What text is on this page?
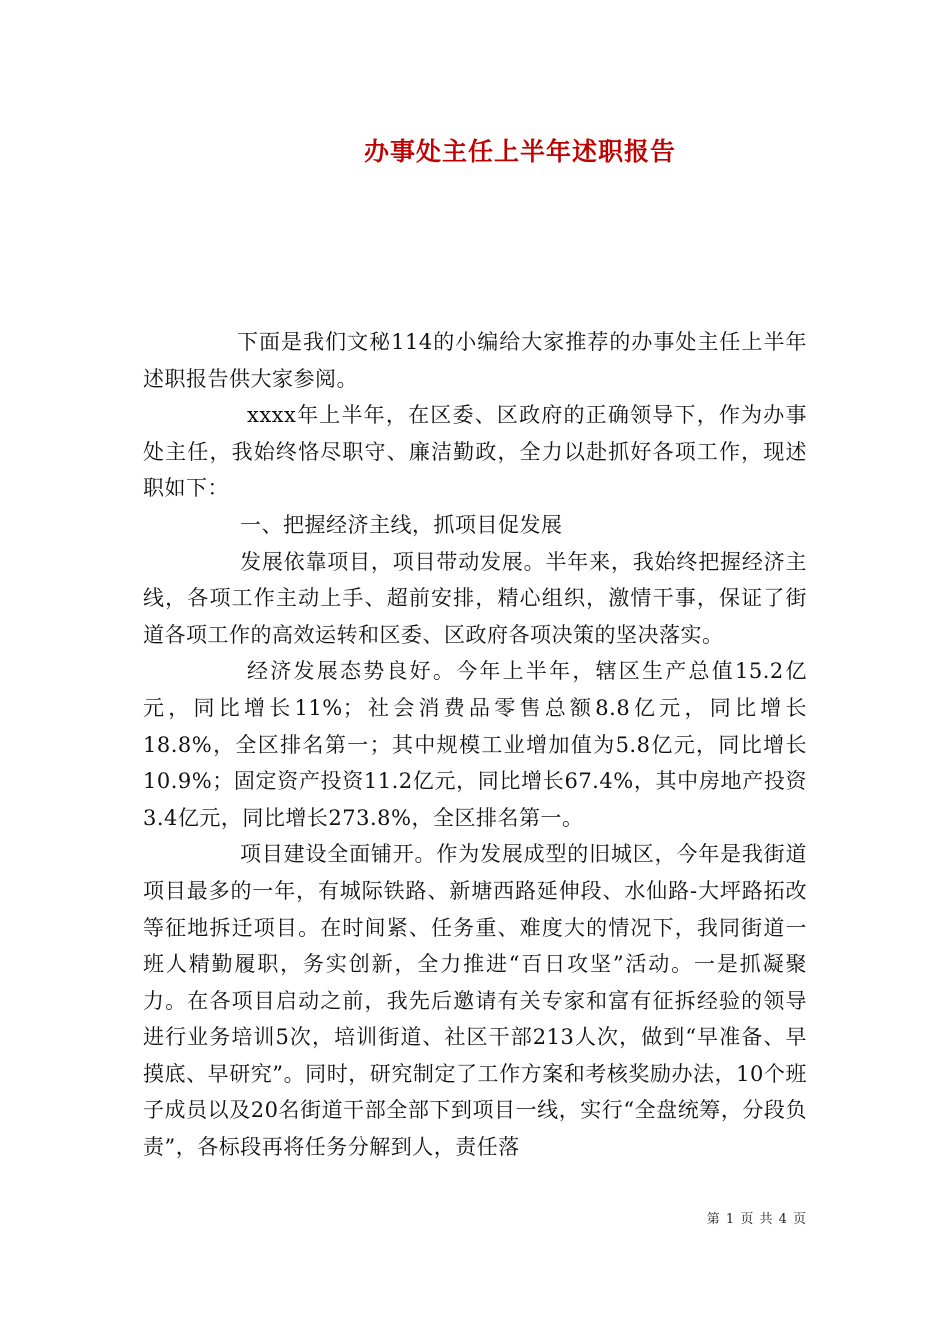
办事处主任上半年述职报告

下面是我们文秘114的小编给大家推荐的办事处主任上半年述职报告供大家参阅。

xxxx年上半年，在区委、区政府的正确领导下，作为办事处主任，我始终恪尽职守、廉洁勤政，全力以赴抓好各项工作，现述职如下：

一、把握经济主线，抓项目促发展

发展依靠项目，项目带动发展。半年来，我始终把握经济主线，各项工作主动上手、超前安排，精心组织，激情干事，保证了街道各项工作的高效运转和区委、区政府各项决策的坚决落实。

经济发展态势良好。今年上半年，辖区生产总值15.2亿元，同比增长11%；社会消费品零售总额8.8亿元，同比增长18.8%，全区排名第一；其中规模工业增加值为5.8亿元，同比增长10.9%；固定资产投资11.2亿元，同比增长67.4%，其中房地产投资3.4亿元，同比增长273.8%，全区排名第一。

项目建设全面铺开。作为发展成型的旧城区，今年是我街道项目最多的一年，有城际铁路、新塘西路延伸段、水仙路-大坪路拓改等征地拆迁项目。在时间紧、任务重、难度大的情况下，我同街道一班人精勤履职，务实创新，全力推进“百日攻坚”活动。一是抓凝聚力。在各项目启动之前，我先后邀请有关专家和富有征拆经验的领导进行业务培训5次，培训街道、社区干部213人次，做到“早准备、早摸底、早研究”。同时，研究制定了工作方案和考核奖励办法，10个班子成员以及20名街道干部全部下到项目一线，实行“全盘统筹，分段负责”，各标段再将任务分解到人，责任落

第 1 页 共 4 页
